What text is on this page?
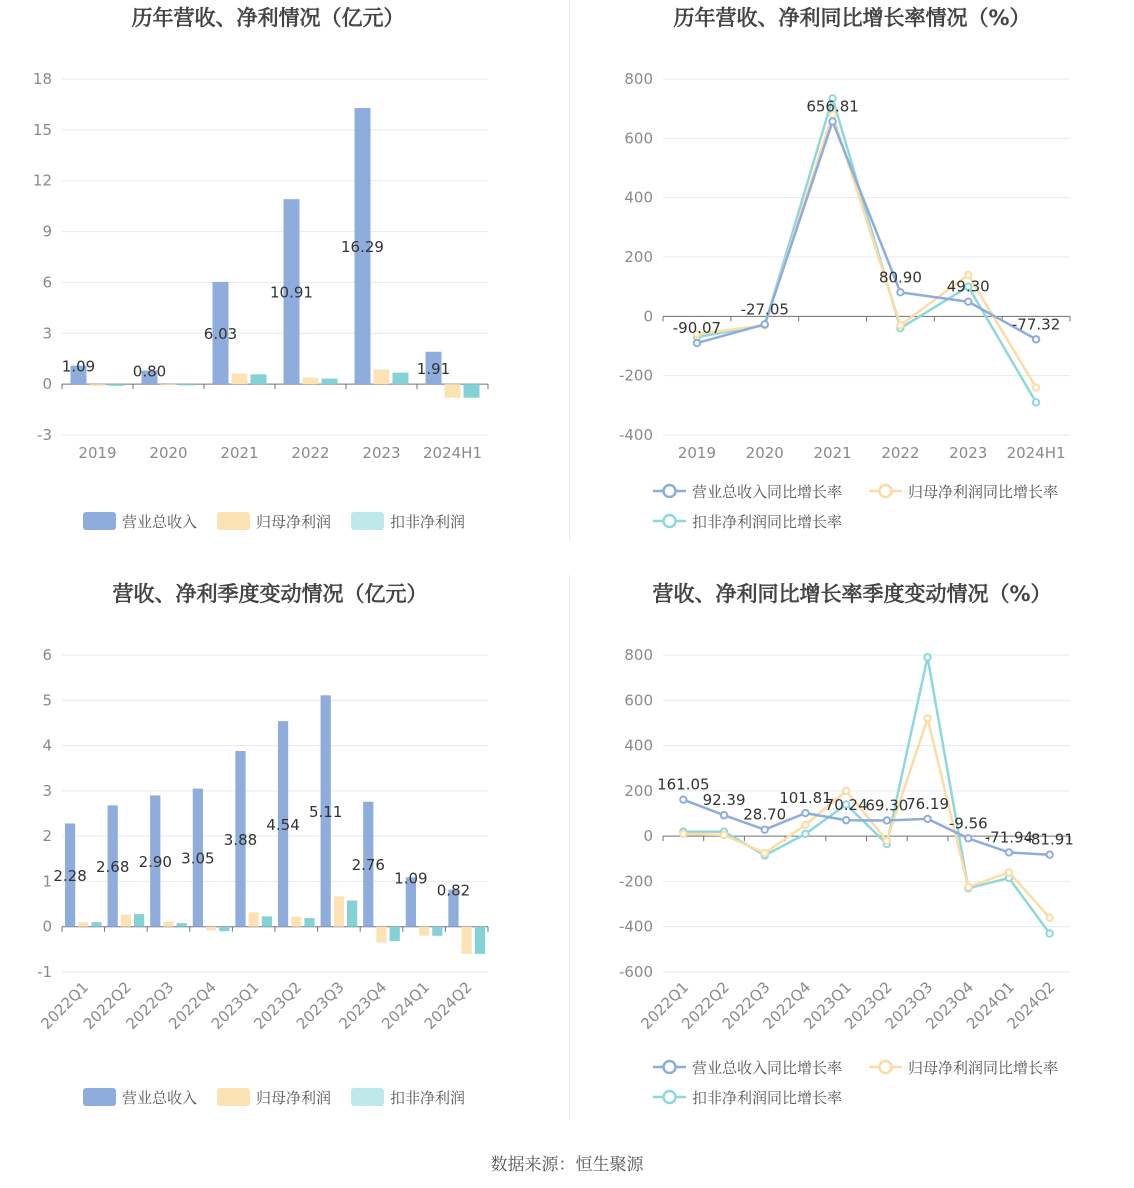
历年营收、净利情况（亿元）
-3
0
3
6
9
12
15
18
2019 2020 2021 2022 2023 2024H1
1.09	0.80
6.03
10.91
16.29
1.91
营业总收入	归母净利润	扣非净利润
历年营收、净利同比增长率情况（%）
-400
-200
0
200
400
600
800
2019 2020 2021 2022 2023 2024H1
-90.07
-27.05
656.81
80.90
49.30
-77.32
营业总收入同比增长率	归母净利润同比增长率
扣非净利润同比增长率
营收、净利季度变动情况（亿元）
-1
0
1
2
3
4
5
6
2022Q1
2022Q2
2022Q3
2022Q4
2023Q1
2023Q2
2023Q3
2023Q4
2024Q1
2024Q2
2.28
2.68 2.90 3.05
3.88
4.54
5.11
2.76
1.09
0.82
营业总收入	归母净利润	扣非净利润
营收、净利同比增长率季度变动情况（%）
-600
-400
-200
0
200
400
600
800
2022Q1
2022Q2
2022Q3
2022Q4
2023Q1
2023Q2
2023Q3
2023Q4
2024Q1
2024Q2
161.05
92.39
28.70
101.81
70.24
69.30
76.19
-9.56
-71.94
-81.91
营业总收入同比增长率	归母净利润同比增长率
扣非净利润同比增长率
数据来源：恒生聚源
